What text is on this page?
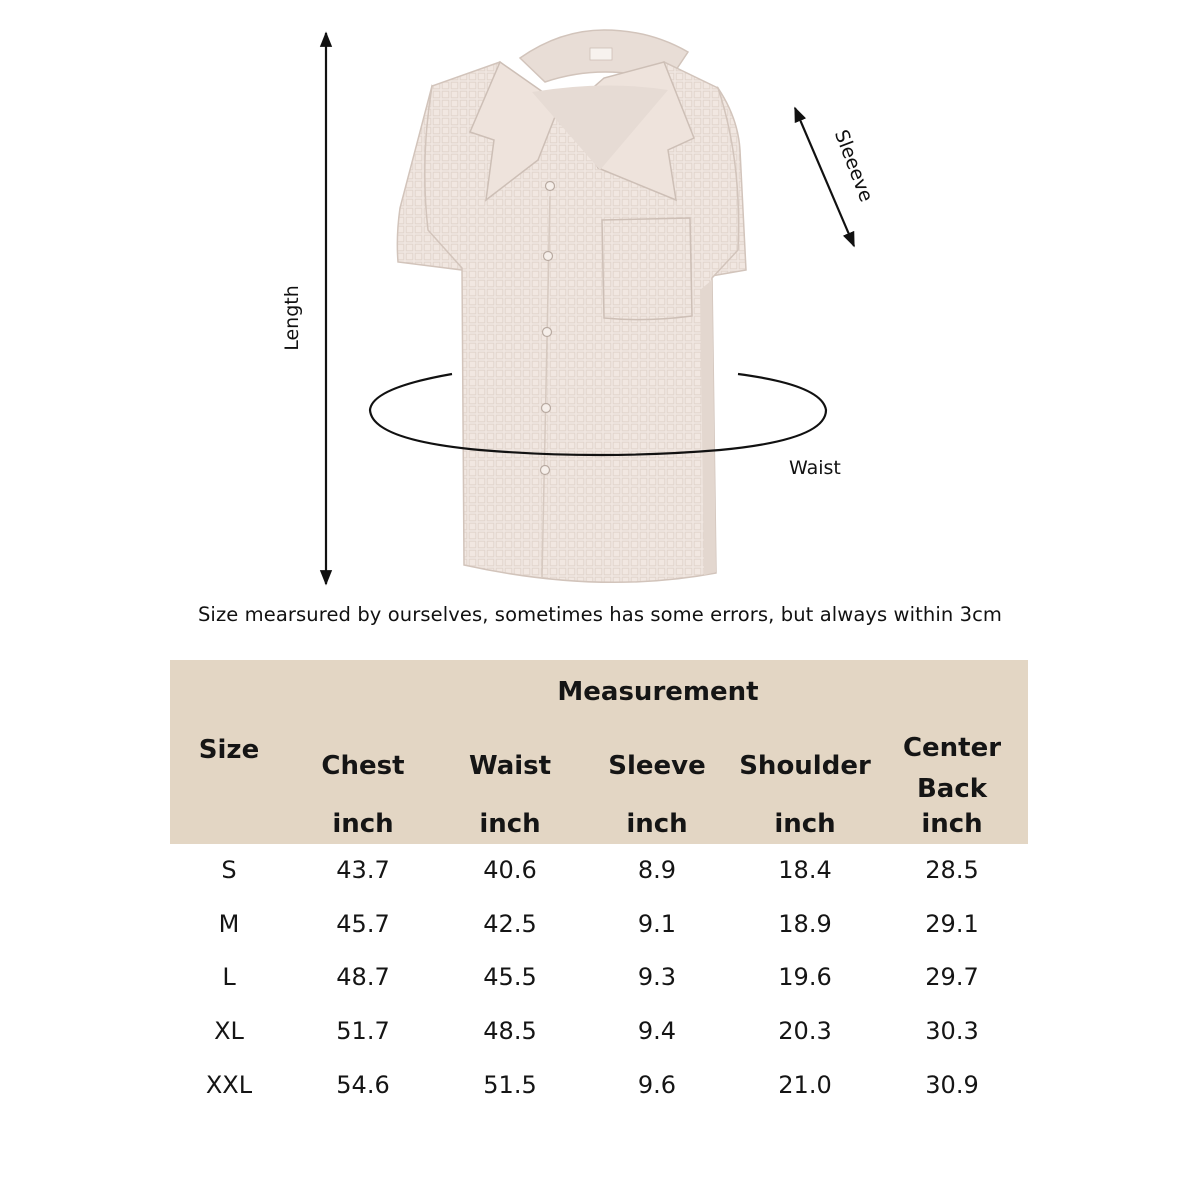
Length
Waist
Sleeeve
Size mearsured by ourselves, sometimes has some errors, but always within 3cm
Measurement
Size
Chest
inch
Waist
inch
Sleeve
inch
Shoulder
inch
Center
Back
inch
S	43.7	40.6	8.9	18.4	28.5
M	45.7	42.5	9.1	18.9	29.1
L	48.7	45.5	9.3	19.6	29.7
XL	51.7	48.5	9.4	20.3	30.3
XXL	54.6	51.5	9.6	21.0	30.9
